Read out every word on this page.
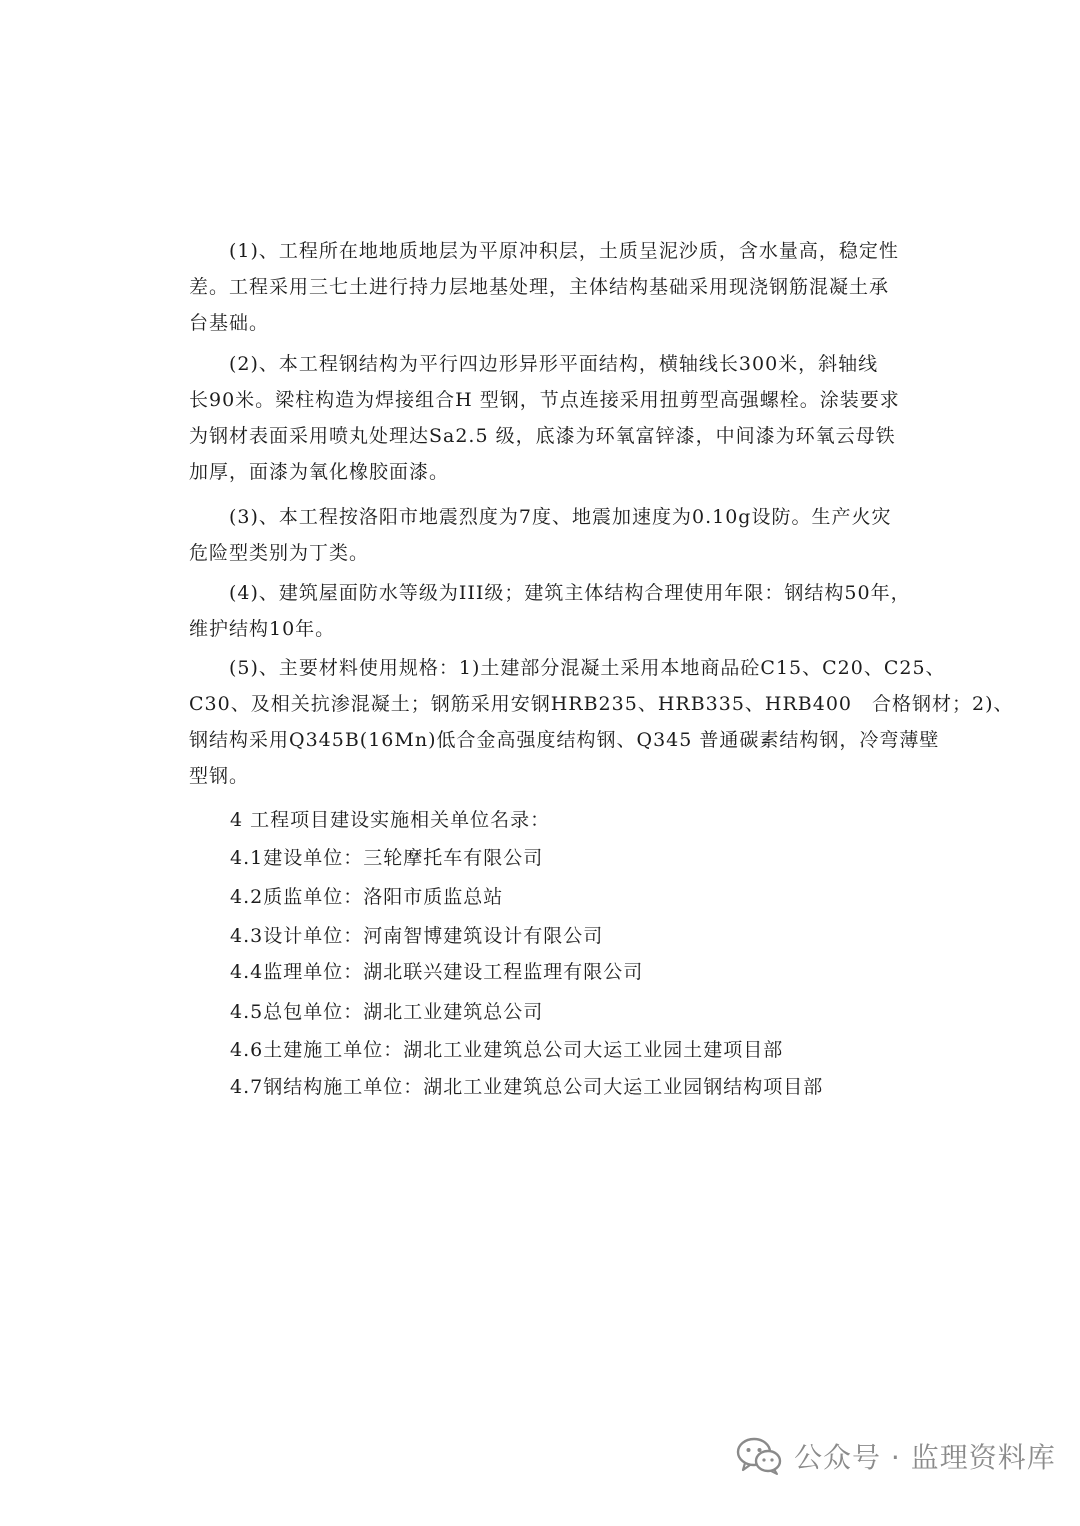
　　(1)、工程所在地地质地层为平原冲积层，土质呈泥沙质，含水量高，稳定性
差。工程采用三七土进行持力层地基处理，主体结构基础采用现浇钢筋混凝土承
台基础。
　　(2)、本工程钢结构为平行四边形异形平面结构，横轴线长300米，斜轴线
长90米。梁柱构造为焊接组合H 型钢，节点连接采用扭剪型高强螺栓。涂装要求
为钢材表面采用喷丸处理达Sa2.5 级，底漆为环氧富锌漆，中间漆为环氧云母铁
加厚，面漆为氧化橡胶面漆。
　　(3)、本工程按洛阳市地震烈度为7度、地震加速度为0.10g设防。生产火灾
危险型类别为丁类。
　　(4)、建筑屋面防水等级为III级；建筑主体结构合理使用年限：钢结构50年，
维护结构10年。
　　(5)、主要材料使用规格：1)土建部分混凝土采用本地商品砼C15、C20、C25、
C30、及相关抗渗混凝土；钢筋采用安钢HRB235、HRB335、HRB400　合格钢材；2)、
钢结构采用Q345B(16Mn)低合金高强度结构钢、Q345 普通碳素结构钢，冷弯薄壁
型钢。

4 工程项目建设实施相关单位名录：

4.1建设单位：三轮摩托车有限公司

4.2质监单位：洛阳市质监总站

4.3设计单位：河南智博建筑设计有限公司

4.4监理单位：湖北联兴建设工程监理有限公司

4.5总包单位：湖北工业建筑总公司

4.6土建施工单位：湖北工业建筑总公司大运工业园土建项目部

4.7钢结构施工单位：湖北工业建筑总公司大运工业园钢结构项目部

公众号 · 监理资料库
